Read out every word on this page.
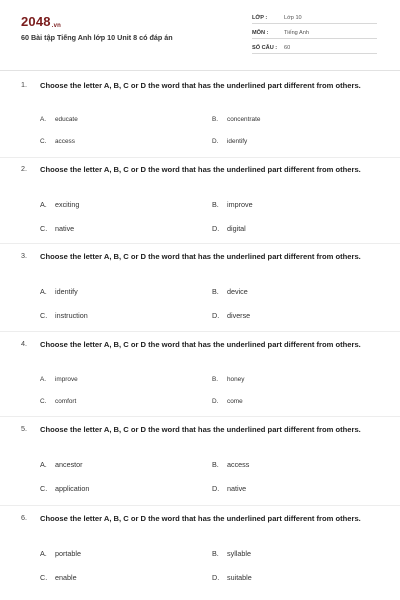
2048.vn
60 Bài tập Tiếng Anh lớp 10 Unit 8 có đáp án
LỚP :	Lớp 10
MÔN :	Tiếng Anh
SỐ CÂU : 60
1. Choose the letter A, B, C or D the word that has the underlined part different from others.
A. educate	B. concentrate
C. access	D. identify
2. Choose the letter A, B, C or D the word that has the underlined part different from others.
A. exciting	B. improve
C. native	D. digital
3. Choose the letter A, B, C or D the word that has the underlined part different from others.
A. identify	B. device
C. instruction	D. diverse
4. Choose the letter A, B, C or D the word that has the underlined part different from others.
A. improve	B. honey
C. comfort	D. come
5. Choose the letter A, B, C or D the word that has the underlined part different from others.
A. ancestor	B. access
C. application	D. native
6. Choose the letter A, B, C or D the word that has the underlined part different from others.
A. portable	B. syllable
C. enable	D. suitable
